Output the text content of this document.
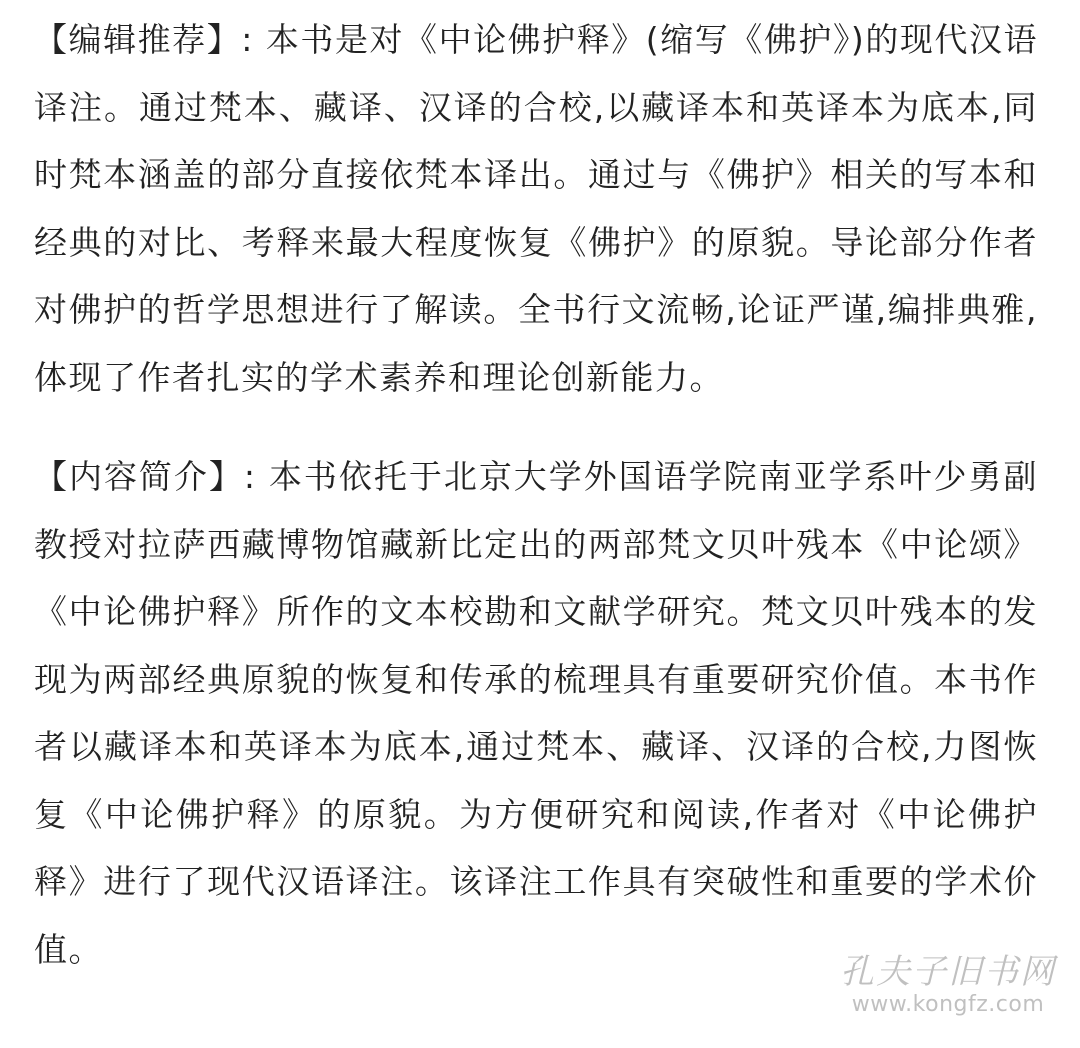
【编辑推荐】: 本书是对《中论佛护释》(缩写《佛护》)的现代汉语译注。通过梵本、藏译、汉译的合校,以藏译本和英译本为底本,同时梵本涵盖的部分直接依梵本译出。通过与《佛护》相关的写本和经典的对比、考释来最大程度恢复《佛护》的原貌。导论部分作者对佛护的哲学思想进行了解读。全书行文流畅,论证严谨,编排典雅,体现了作者扎实的学术素养和理论创新能力。

【内容简介】: 本书依托于北京大学外国语学院南亚学系叶少勇副教授对拉萨西藏博物馆藏新比定出的两部梵文贝叶残本《中论颂》《中论佛护释》所作的文本校勘和文献学研究。梵文贝叶残本的发现为两部经典原貌的恢复和传承的梳理具有重要研究价值。本书作者以藏译本和英译本为底本,通过梵本、藏译、汉译的合校,力图恢复《中论佛护释》的原貌。为方便研究和阅读,作者对《中论佛护释》进行了现代汉语译注。该译注工作具有突破性和重要的学术价值。

孔夫子旧书网
www.kongfz.com
